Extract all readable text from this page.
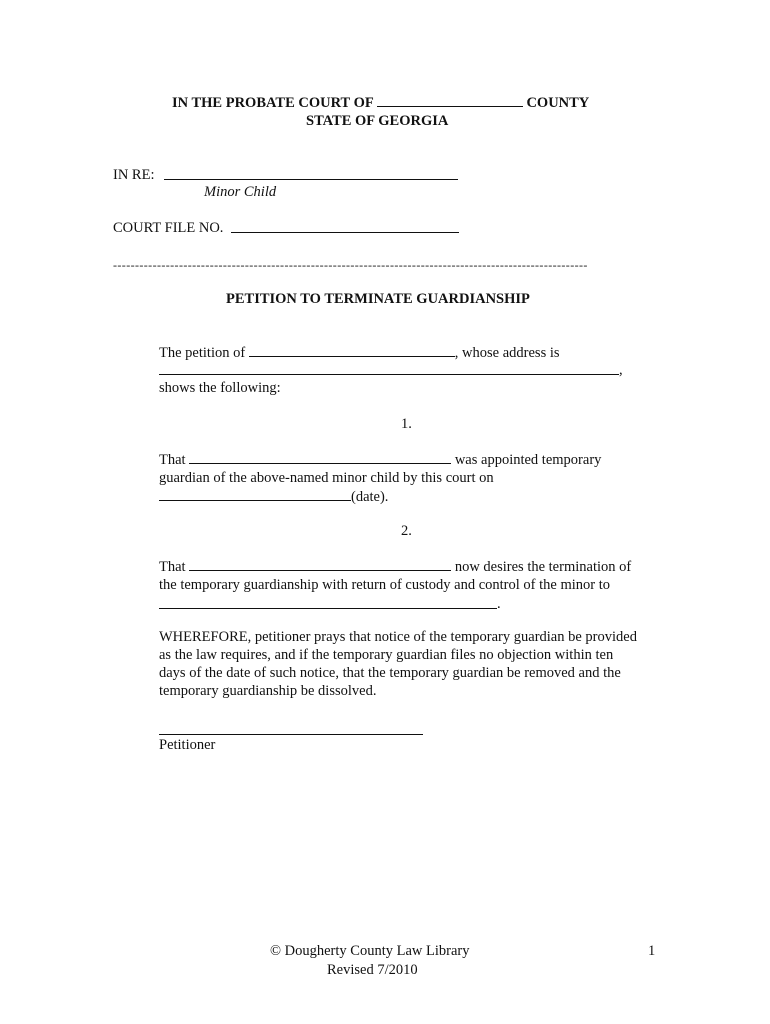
IN THE PROBATE COURT OF	COUNTY
STATE OF GEORGIA
IN RE:
Minor Child
COURT FILE NO.
------------------------------------------------------------------------------------------------------------
PETITION TO TERMINATE GUARDIANSHIP
The petition of	, whose address is
,
shows the following:
1.
That	was appointed temporary
guardian of the above-named minor child by this court on
(date).
2.
That	now desires the termination of
the temporary guardianship with return of custody and control of the minor to
.
WHEREFORE, petitioner prays that notice of the temporary guardian be provided
as the law requires, and if the temporary guardian files no objection within ten
days of the date of such notice, that the temporary guardian be removed and the
temporary guardianship be dissolved.
Petitioner
© Dougherty County Law Library
Revised 7/2010
1
